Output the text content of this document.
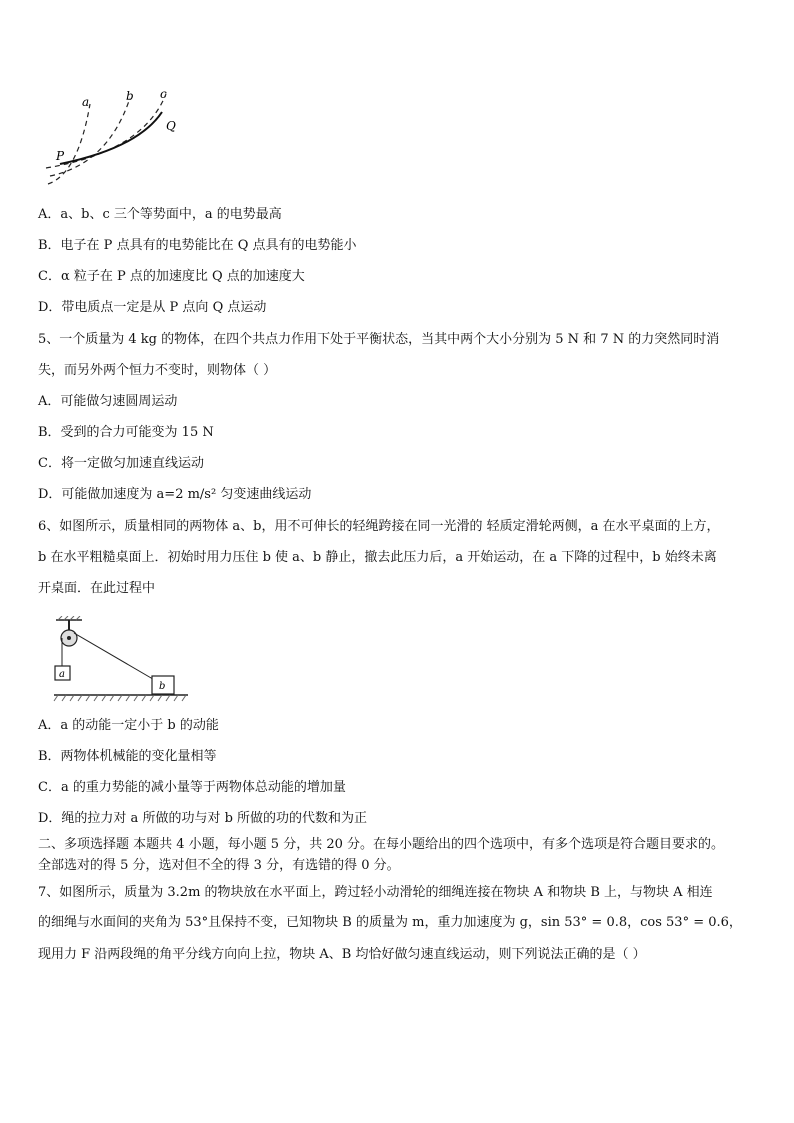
a	b c
Q
P
A．a、b、c 三个等势面中，a 的电势最高
B．电子在 P 点具有的电势能比在 Q 点具有的电势能小
C．α 粒子在 P 点的加速度比 Q 点的加速度大
D．带电质点一定是从 P 点向 Q 点运动
5、一个质量为 4 kg 的物体，在四个共点力作用下处于平衡状态，当其中两个大小分别为 5 N 和 7 N 的力突然同时消
失，而另外两个恒力不变时，则物体（ ）
A．可能做匀速圆周运动
B．受到的合力可能变为 15 N
C．将一定做匀加速直线运动
D．可能做加速度为 a=2 m/s² 匀变速曲线运动
6、如图所示，质量相同的两物体 a、b，用不可伸长的轻绳跨接在同一光滑的 轻质定滑轮两侧，a 在水平桌面的上方，
b 在水平粗糙桌面上．初始时用力压住 b 使 a、b 静止，撤去此压力后，a 开始运动，在 a 下降的过程中，b 始终未离
开桌面．在此过程中
a
b
A．a 的动能一定小于 b 的动能
B．两物体机械能的变化量相等
C．a 的重力势能的减小量等于两物体总动能的增加量
D．绳的拉力对 a 所做的功与对 b 所做的功的代数和为正
二、多项选择题 本题共 4 小题，每小题 5 分，共 20 分。在每小题给出的四个选项中，有多个选项是符合题目要求的。
全部选对的得 5 分，选对但不全的得 3 分，有选错的得 0 分。
7、如图所示，质量为 3.2m 的物块放在水平面上，跨过轻小动滑轮的细绳连接在物块 A 和物块 B 上，与物块 A 相连
的细绳与水面间的夹角为 53°且保持不变，已知物块 B 的质量为 m，重力加速度为 g，sin 53° = 0.8，cos 53° = 0.6，
现用力 F 沿两段绳的角平分线方向向上拉，物块 A、B 均恰好做匀速直线运动，则下列说法正确的是（ ）
